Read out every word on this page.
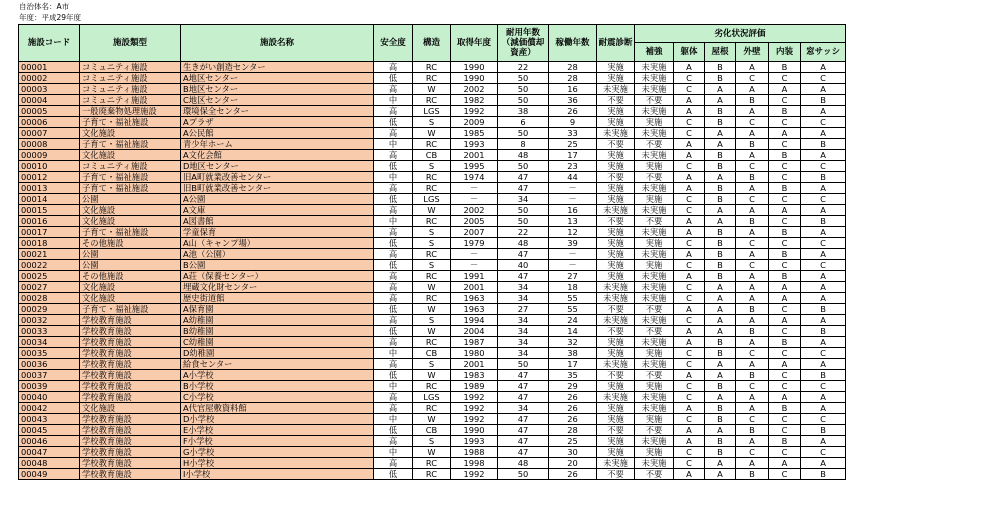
自治体名：A市
年度：平成29年度
施設コード	施設類型	施設名称	安全度	構造	取得年度	耐用年数（減価償却資産）	稼働年数	耐震診断	劣化状況評価					
									補強	躯体	屋根	外壁	内装	窓サッシ
00001	コミュニティ施設	生きがい創造センター	高	RC	1990	22	28	実施	未実施	A	B	A	B	A
00002	コミュニティ施設	A地区センター	低	RC	1990	50	28	実施	未実施	C	B	C	C	C
00003	コミュニティ施設	B地区センター	高	W	2002	50	16	未実施	未実施	C	A	A	A	A
00004	コミュニティ施設	C地区センター	中	RC	1982	50	36	不要	不要	A	A	B	C	B
00005	一般廃棄物処理施設	環境保全センター	高	LGS	1992	38	26	実施	未実施	A	B	A	B	A
00006	子育て・福祉施設	Aプラザ	低	S	2009	6	9	実施	実施	C	B	C	C	C
00007	文化施設	A公民館	高	W	1985	50	33	未実施	未実施	C	A	A	A	A
00008	子育て・福祉施設	青少年ホーム	中	RC	1993	8	25	不要	不要	A	A	B	C	B
00009	文化施設	A文化会館	高	CB	2001	48	17	実施	未実施	A	B	A	B	A
00010	コミュニティ施設	D地区センター	低	S	1995	50	23	実施	実施	C	B	C	C	C
00012	子育て・福祉施設	旧A町就業改善センター	中	RC	1974	47	44	不要	不要	A	A	B	C	B
00013	子育て・福祉施設	旧B町就業改善センター	高	RC	－	47	－	実施	未実施	A	B	A	B	A
00014	公園	A公園	低	LGS	－	34	－	実施	実施	C	B	C	C	C
00015	文化施設	A文庫	高	W	2002	50	16	未実施	未実施	C	A	A	A	A
00016	文化施設	A図書館	中	RC	2005	50	13	不要	不要	A	A	B	C	B
00017	子育て・福祉施設	学童保育	高	S	2007	22	12	実施	未実施	A	B	A	B	A
00018	その他施設	A山（キャンプ場）	低	S	1979	48	39	実施	実施	C	B	C	C	C
00021	公園	A池（公園）	高	RC	－	47	－	実施	未実施	A	B	A	B	A
00022	公園	B公園	低	S	－	40	－	実施	実施	C	B	C	C	C
00025	その他施設	A荘（保養センター）	高	RC	1991	47	27	実施	未実施	A	B	A	B	A
00027	文化施設	埋蔵文化財センター	高	W	2001	34	18	未実施	未実施	C	A	A	A	A
00028	文化施設	歴史街道館	高	RC	1963	34	55	未実施	未実施	C	A	A	A	A
00029	子育て・福祉施設	A保育園	低	W	1963	27	55	不要	不要	A	A	B	C	B
00032	学校教育施設	A幼稚園	高	S	1994	34	24	未実施	未実施	C	A	A	A	A
00033	学校教育施設	B幼稚園	低	W	2004	34	14	不要	不要	A	A	B	C	B
00034	学校教育施設	C幼稚園	高	RC	1987	34	32	実施	未実施	A	B	A	B	A
00035	学校教育施設	D幼稚園	中	CB	1980	34	38	実施	実施	C	B	C	C	C
00036	学校教育施設	給食センター	高	S	2001	50	17	未実施	未実施	C	A	A	A	A
00037	学校教育施設	A小学校	低	W	1983	47	35	不要	不要	A	A	B	C	B
00039	学校教育施設	B小学校	中	RC	1989	47	29	実施	実施	C	B	C	C	C
00040	学校教育施設	C小学校	高	LGS	1992	47	26	未実施	未実施	C	A	A	A	A
00042	文化施設	A代官屋敷資料館	高	RC	1992	34	26	実施	未実施	A	B	A	B	A
00043	学校教育施設	D小学校	中	W	1992	47	26	実施	実施	C	B	C	C	C
00045	学校教育施設	E小学校	低	CB	1990	47	28	不要	不要	A	A	B	C	B
00046	学校教育施設	F小学校	高	S	1993	47	25	実施	未実施	A	B	A	B	A
00047	学校教育施設	G小学校	中	W	1988	47	30	実施	実施	C	B	C	C	C
00048	学校教育施設	H小学校	高	RC	1998	48	20	未実施	未実施	C	A	A	A	A
00049	学校教育施設	I小学校	低	RC	1992	50	26	不要	不要	A	A	B	C	B
